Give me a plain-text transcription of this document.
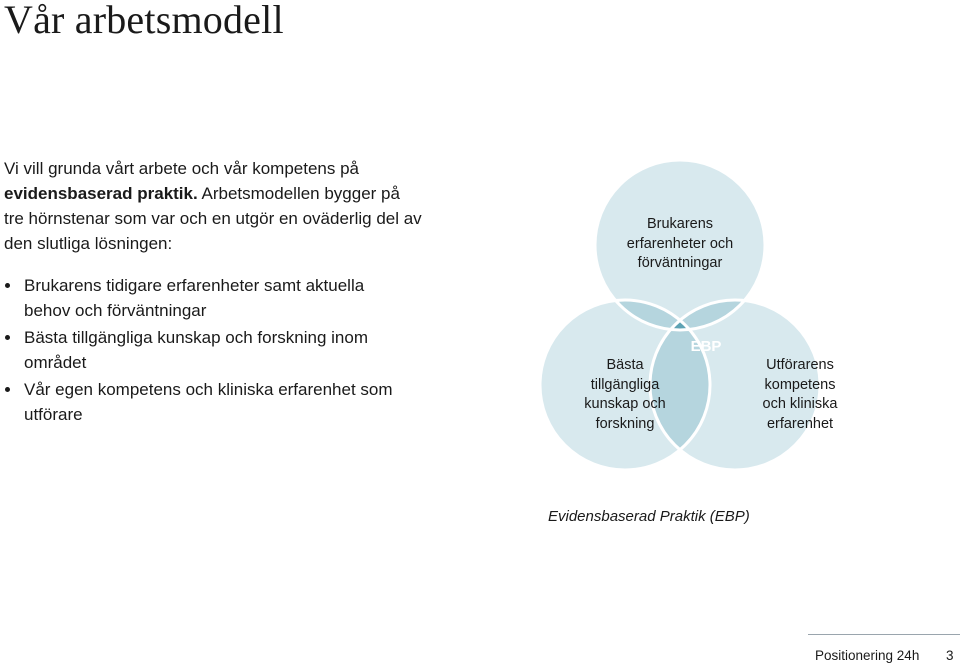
Vår arbetsmodell

Vi vill grunda vårt arbete och vår kompetens på evidensbaserad praktik. Arbetsmodellen bygger på tre hörnstenar som var och en utgör en oväderlig del av den slutliga lösningen:

Brukarens tidigare erfarenheter samt aktuella behov och förväntningar
Bästa tillgängliga kunskap och forskning inom området
Vår egen kompetens och kliniska erfarenhet som utförare
EBP
Brukarens
erfarenheter och
förväntningar
Bästa
tillgängliga
kunskap och
forskning
Utförarens
kompetens
och kliniska
erfarenhet

Evidensbaserad Praktik (EBP)

Positionering 24h 3
